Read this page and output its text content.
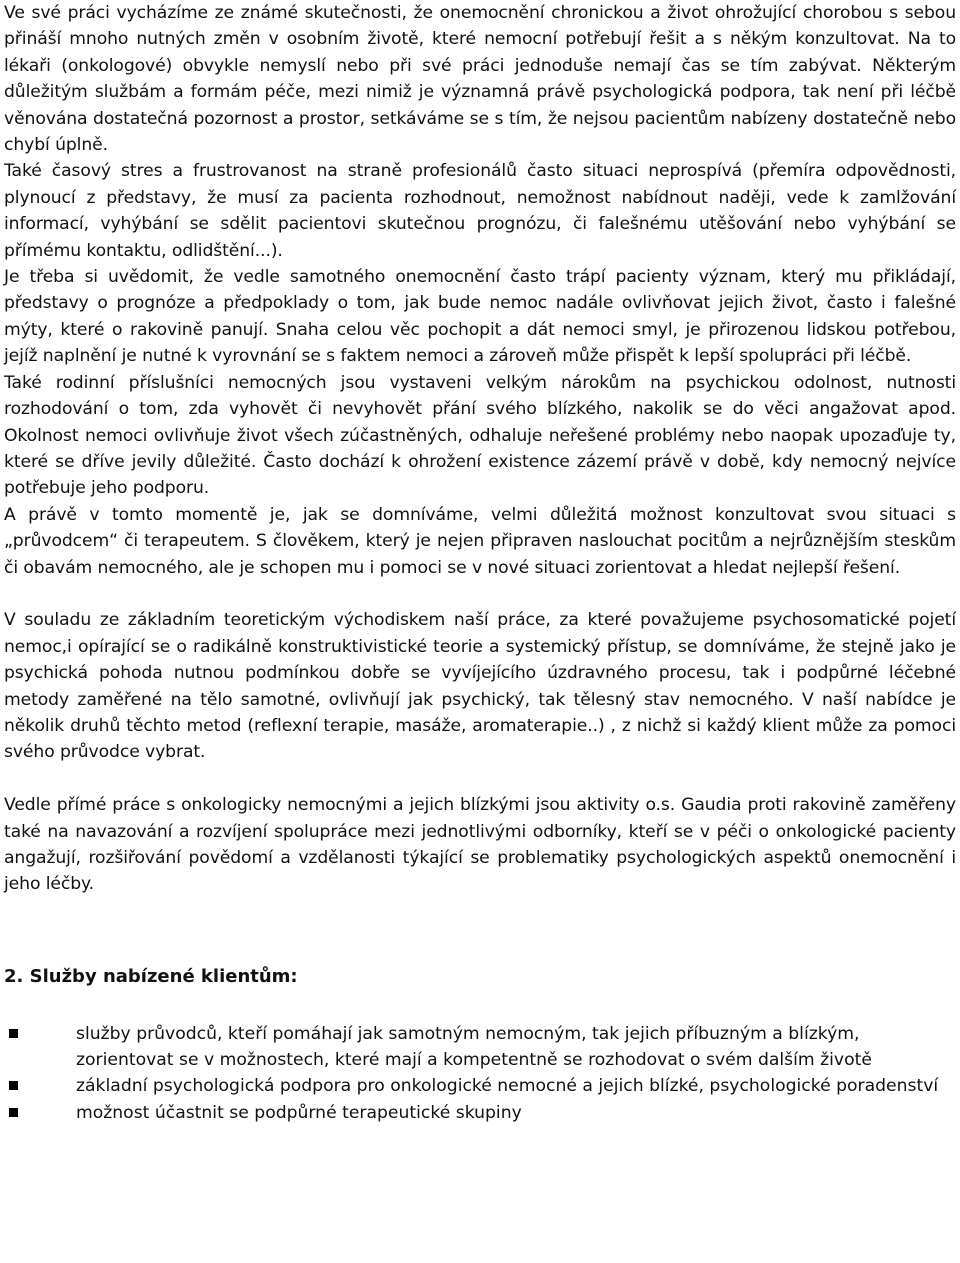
Ve své práci vycházíme ze známé skutečnosti, že onemocnění chronickou a život ohrožující chorobou s sebou přináší mnoho nutných změn v osobním životě, které nemocní potřebují řešit a s někým konzultovat. Na to lékaři (onkologové) obvykle nemyslí nebo při své práci jednoduše nemají čas se tím zabývat. Některým důležitým službám a formám péče, mezi nimiž je významná právě psychologická podpora, tak není při léčbě věnována dostatečná pozornost a prostor, setkáváme se s tím, že nejsou pacientům nabízeny dostatečně nebo chybí úplně.

Také časový stres a frustrovanost na straně profesionálů často situaci neprospívá (přemíra odpovědnosti, plynoucí z představy, že musí za pacienta rozhodnout, nemožnost nabídnout naději, vede k zamlžování informací, vyhýbání se sdělit pacientovi skutečnou prognózu, či falešnému utěšování nebo vyhýbání se přímému kontaktu, odlidštění...).

Je třeba si uvědomit, že vedle samotného onemocnění často trápí pacienty význam, který mu přikládají, představy o prognóze a předpoklady o tom, jak bude nemoc nadále ovlivňovat jejich život, často i falešné mýty, které o rakovině panují. Snaha celou věc pochopit a dát nemoci smyl, je přirozenou lidskou potřebou, jejíž naplnění je nutné k vyrovnání se s faktem nemoci a zároveň může přispět k lepší spolupráci při léčbě.

Také rodinní příslušníci nemocných jsou vystaveni velkým nárokům na psychickou odolnost, nutnosti rozhodování o tom, zda vyhovět či nevyhovět přání svého blízkého, nakolik se do věci angažovat apod. Okolnost nemoci ovlivňuje život všech zúčastněných, odhaluje neřešené problémy nebo naopak upozaďuje ty, které se dříve jevily důležité. Často dochází k ohrožení existence zázemí právě v době, kdy nemocný nejvíce potřebuje jeho podporu.

A právě v tomto momentě je, jak se domníváme, velmi důležitá možnost konzultovat svou situaci s „průvodcem“ či terapeutem. S člověkem, který je nejen připraven naslouchat pocitům a nejrůznějším steskům či obavám nemocného, ale je schopen mu i pomoci se v nové situaci zorientovat a hledat nejlepší řešení.

V souladu ze základním teoretickým východiskem naší práce, za které považujeme psychosomatické pojetí nemoc,i opírající se o radikálně konstruktivistické teorie a systemický přístup, se domníváme, že stejně jako je psychická pohoda nutnou podmínkou dobře se vyvíjejícího úzdravného procesu, tak i podpůrné léčebné metody zaměřené na tělo samotné, ovlivňují jak psychický, tak tělesný stav nemocného. V naší nabídce je několik druhů těchto metod (reflexní terapie, masáže, aromaterapie..) , z nichž si každý klient může za pomoci svého průvodce vybrat.

Vedle přímé práce s onkologicky nemocnými a jejich blízkými jsou aktivity o.s. Gaudia proti rakovině zaměřeny také na navazování a rozvíjení spolupráce mezi jednotlivými odborníky, kteří se v péči o onkologické pacienty angažují, rozšiřování povědomí a vzdělanosti týkající se problematiky psychologických aspektů onemocnění i jeho léčby.

2. Služby nabízené klientům:
služby průvodců, kteří pomáhají jak samotným nemocným, tak jejich příbuzným a blízkým, zorientovat se v možnostech, které mají a kompetentně se rozhodovat o svém dalším životě
základní psychologická podpora pro onkologické nemocné a jejich blízké, psychologické poradenství
možnost účastnit se podpůrné terapeutické skupiny
